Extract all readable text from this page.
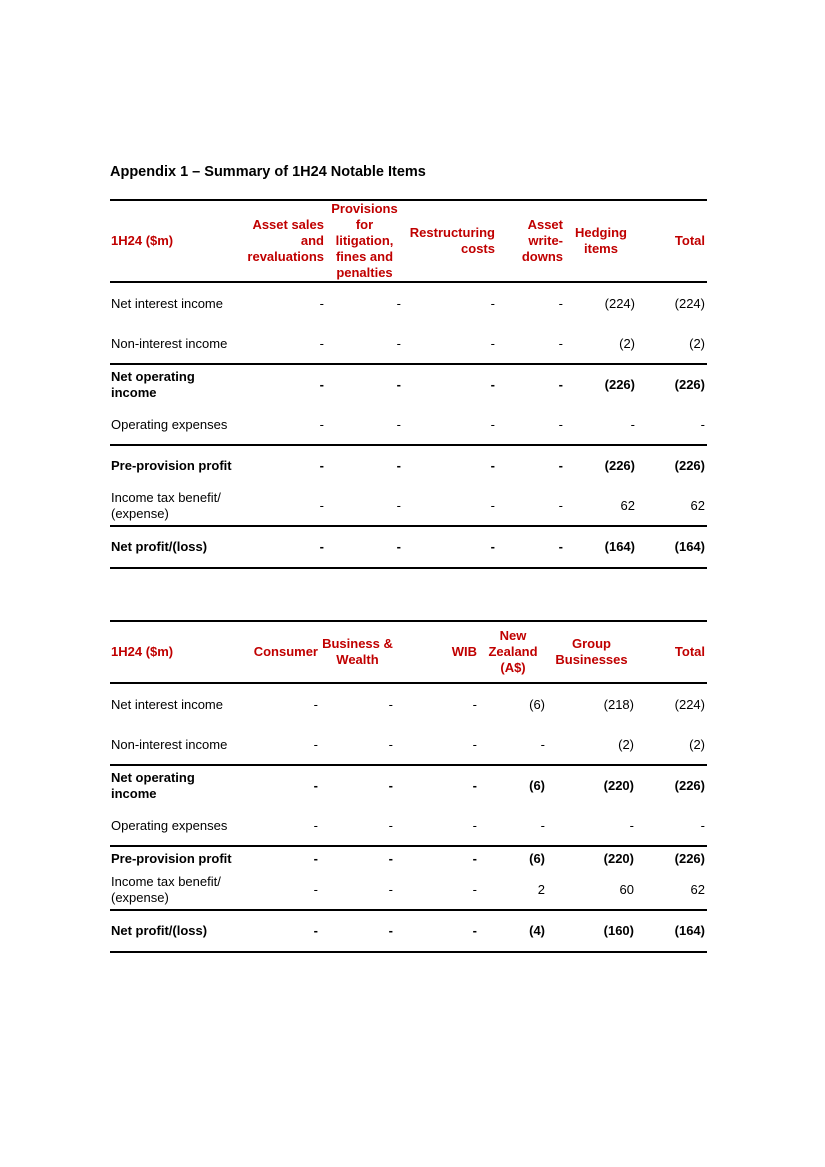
Appendix 1 – Summary of 1H24 Notable Items
1H24 ($m)	Asset sales and revaluations	Provisions for litigation, fines and penalties	Restructuring costs	Asset write-downs	Hedging items	Total
Net interest income	-	-	-	-	(224)	(224)
Non-interest income	-	-	-	-	(2)	(2)
Net operating income	-	-	-	-	(226)	(226)
Operating expenses	-	-	-	-	-	-
Pre-provision profit	-	-	-	-	(226)	(226)
Income tax benefit/ (expense)	-	-	-	-	62	62
Net profit/(loss)	-	-	-	-	(164)	(164)
1H24 ($m)	Consumer	Business & Wealth	WIB	New Zealand (A$)	Group Businesses	Total
Net interest income	-	-	-	(6)	(218)	(224)
Non-interest income	-	-	-	-	(2)	(2)
Net operating income	-	-	-	(6)	(220)	(226)
Operating expenses	-	-	-	-	-	-
Pre-provision profit	-	-	-	(6)	(220)	(226)
Income tax benefit/ (expense)	-	-	-	2	60	62
Net profit/(loss)	-	-	-	(4)	(160)	(164)
